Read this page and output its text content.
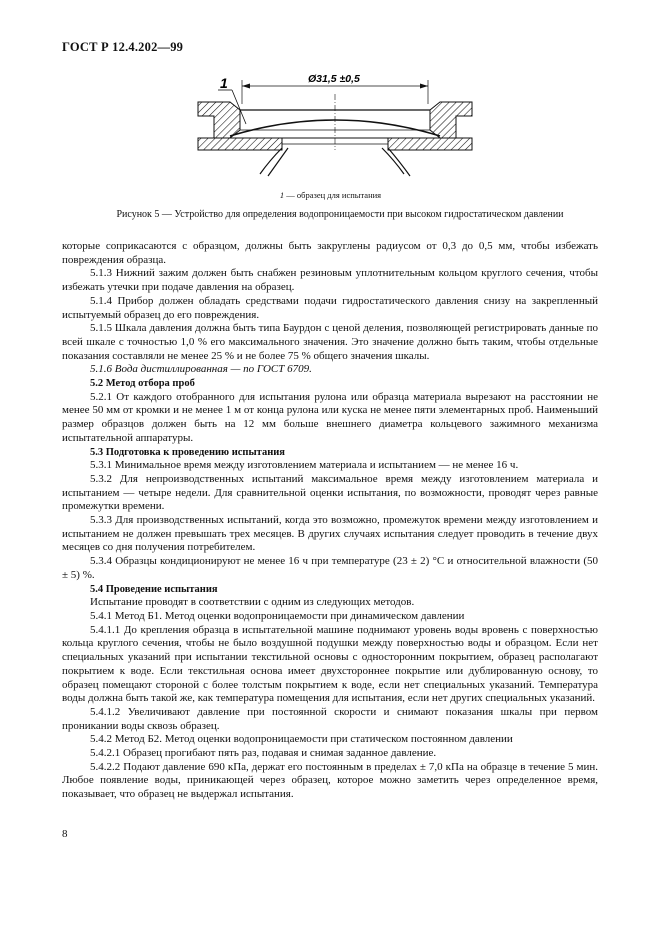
ГОСТ Р 12.4.202—99
Ø31,5 ±0,5
1
1 — образец для испытания
Рисунок 5 — Устройство для определения водопроницаемости при высоком гидростатическом давлении

которые соприкасаются с образцом, должны быть закруглены радиусом от 0,3 до 0,5 мм, чтобы избежать повреждения образца.

5.1.3 Нижний зажим должен быть снабжен резиновым уплотнительным кольцом круглого сечения, чтобы избежать утечки при подаче давления на образец.

5.1.4 Прибор должен обладать средствами подачи гидростатического давления снизу на закрепленный испытуемый образец до его повреждения.

5.1.5 Шкала давления должна быть типа Баурдон с ценой деления, позволяющей регистрировать данные по всей шкале с точностью 1,0 % его максимального значения. Это значение должно быть таким, чтобы отдельные показания составляли не менее 25 % и не более 75 % общего значения шкалы.

5.1.6 Вода дистиллированная — по ГОСТ 6709.

5.2 Метод отбора проб

5.2.1 От каждого отобранного для испытания рулона или образца материала вырезают на расстоянии не менее 50 мм от кромки и не менее 1 м от конца рулона или куска не менее пяти элементарных проб. Наименьший размер образцов должен быть на 12 мм больше внешнего диаметра кольцевого зажимного механизма испытательной аппаратуры.

5.3 Подготовка к проведению испытания

5.3.1 Минимальное время между изготовлением материала и испытанием — не менее 16 ч.

5.3.2 Для непроизводственных испытаний максимальное время между изготовлением материала и испытанием — четыре недели. Для сравнительной оценки испытания, по возможности, проводят через равные промежутки времени.

5.3.3 Для производственных испытаний, когда это возможно, промежуток времени между изготовлением и испытанием не должен превышать трех месяцев. В других случаях испытания следует проводить в течение двух месяцев со дня получения потребителем.

5.3.4 Образцы кондиционируют не менее 16 ч при температуре (23 ± 2) °С и относительной влажности (50 ± 5) %.

5.4 Проведение испытания

Испытание проводят в соответствии с одним из следующих методов.

5.4.1 Метод Б1. Метод оценки водопроницаемости при динамическом давлении

5.4.1.1 До крепления образца в испытательной машине поднимают уровень воды вровень с поверхностью кольца круглого сечения, чтобы не было воздушной подушки между поверхностью воды и образцом. Если нет специальных указаний при испытании текстильной основы с односторонним покрытием, образец располагают покрытием к воде. Если текстильная основа имеет двухстороннее покрытие или дублированную основу, то образец помещают стороной с более толстым покрытием к воде, если нет специальных указаний. Температура воды должна быть такой же, как температура помещения для испытания, если нет других специальных указаний.

5.4.1.2 Увеличивают давление при постоянной скорости и снимают показания шкалы при первом проникании воды сквозь образец.

5.4.2 Метод Б2. Метод оценки водопроницаемости при статическом постоянном давлении

5.4.2.1 Образец прогибают пять раз, подавая и снимая заданное давление.

5.4.2.2 Подают давление 690 кПа, держат его постоянным в пределах ± 7,0 кПа на образце в течение 5 мин. Любое появление воды, приникающей через образец, которое можно заметить через определенное время, показывает, что образец не выдержал испытания.

8
